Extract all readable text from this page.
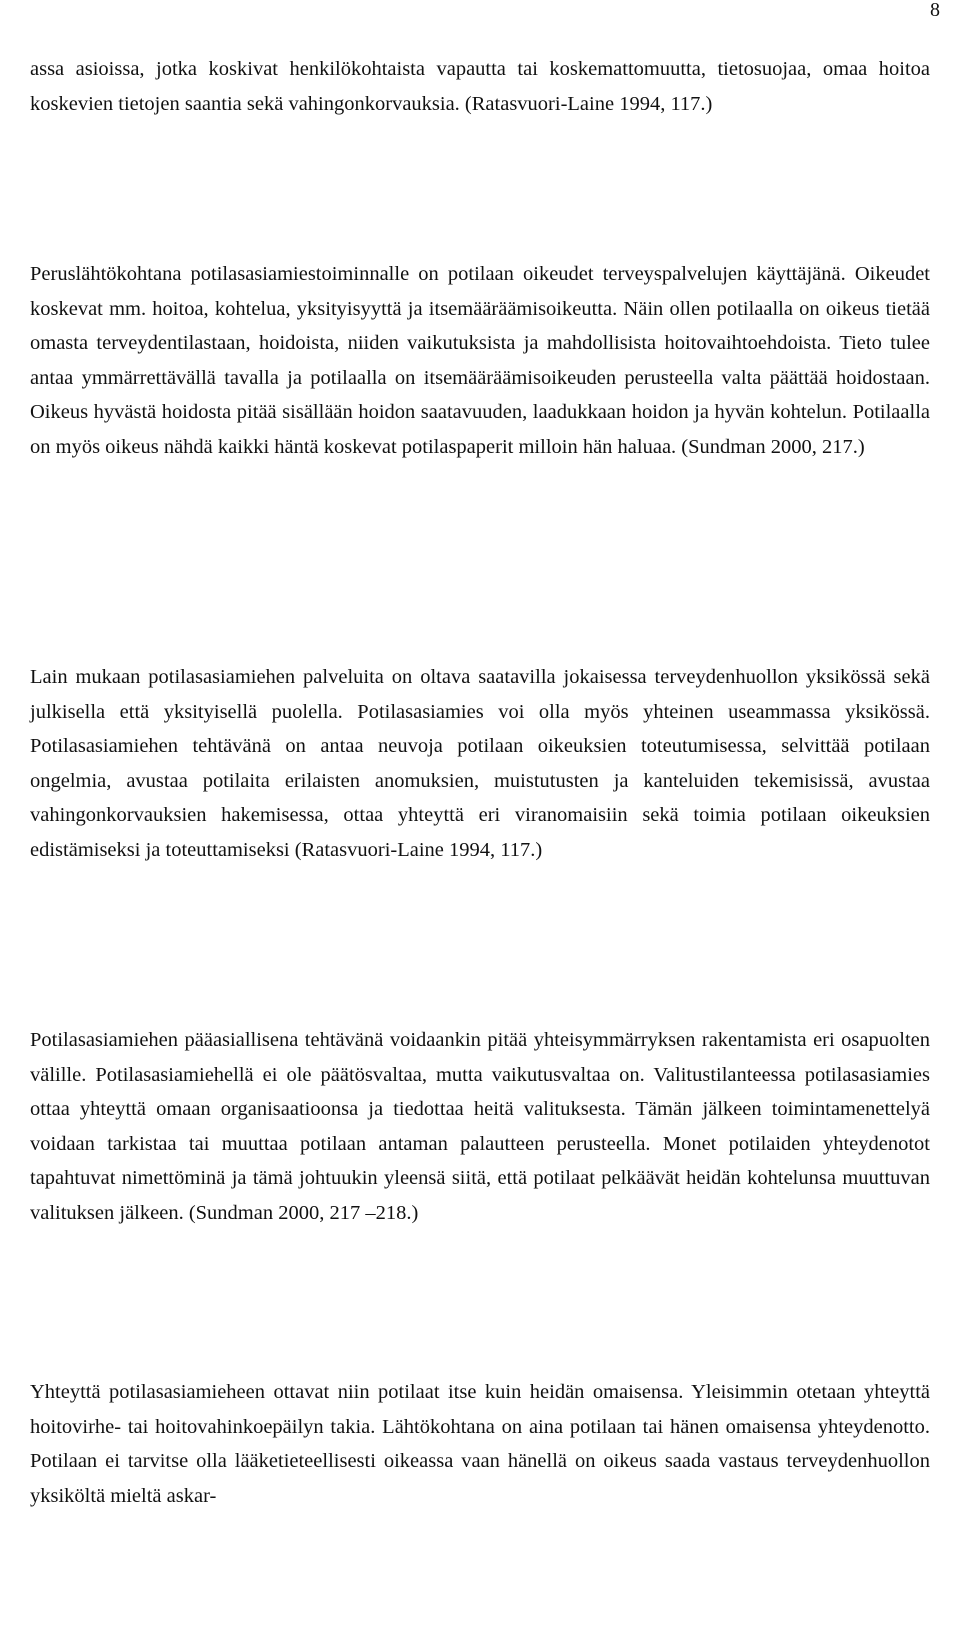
8

assa asioissa, jotka koskivat henkilökohtaista vapautta tai koskemattomuutta, tietosuojaa, omaa hoitoa koskevien tietojen saantia sekä vahingonkorvauksia. (Ratasvuori-Laine 1994, 117.)

Peruslähtökohtana potilasasiamiestoiminnalle on potilaan oikeudet terveyspalvelujen käyttäjänä. Oikeudet koskevat mm. hoitoa, kohtelua, yksityisyyttä ja itsemääräämisoikeutta. Näin ollen potilaalla on oikeus tietää omasta terveydentilastaan, hoidoista, niiden vaikutuksista ja mahdollisista hoitovaihtoehdoista. Tieto tulee antaa ymmärrettävällä tavalla ja potilaalla on itsemääräämisoikeuden perusteella valta päättää hoidostaan. Oikeus hyvästä hoidosta pitää sisällään hoidon saatavuuden, laadukkaan hoidon ja hyvän kohtelun. Potilaalla on myös oikeus nähdä kaikki häntä koskevat potilaspaperit milloin hän haluaa. (Sundman 2000, 217.)

Lain mukaan potilasasiamiehen palveluita on oltava saatavilla jokaisessa terveydenhuollon yksikössä sekä julkisella että yksityisellä puolella. Potilasasiamies voi olla myös yhteinen useammassa yksikössä. Potilasasiamiehen tehtävänä on antaa neuvoja potilaan oikeuksien toteutumisessa, selvittää potilaan ongelmia, avustaa potilaita erilaisten anomuksien, muistutusten ja kanteluiden tekemisissä, avustaa vahingonkorvauksien hakemisessa, ottaa yhteyttä eri viranomaisiin sekä toimia potilaan oikeuksien edistämiseksi ja toteuttamiseksi (Ratasvuori-Laine 1994, 117.)

Potilasasiamiehen pääasiallisena tehtävänä voidaankin pitää yhteisymmärryksen rakentamista eri osapuolten välille. Potilasasiamiehellä ei ole päätösvaltaa, mutta vaikutusvaltaa on. Valitustilanteessa potilasasiamies ottaa yhteyttä omaan organisaatioonsa ja tiedottaa heitä valituksesta. Tämän jälkeen toimintamenettelyä voidaan tarkistaa tai muuttaa potilaan antaman palautteen perusteella. Monet potilaiden yhteydenotot tapahtuvat nimettöminä ja tämä johtuukin yleensä siitä, että potilaat pelkäävät heidän kohtelunsa muuttuvan valituksen jälkeen. (Sundman 2000, 217 –218.)

Yhteyttä potilasasiamieheen ottavat niin potilaat itse kuin heidän omaisensa. Yleisimmin otetaan yhteyttä hoitovirhe- tai hoitovahinkoepäilyn takia. Lähtökohtana on aina potilaan tai hänen omaisensa yhteydenotto. Potilaan ei tarvitse olla lääketieteellisesti oikeassa vaan hänellä on oikeus saada vastaus terveydenhuollon yksiköltä mieltä askar-
